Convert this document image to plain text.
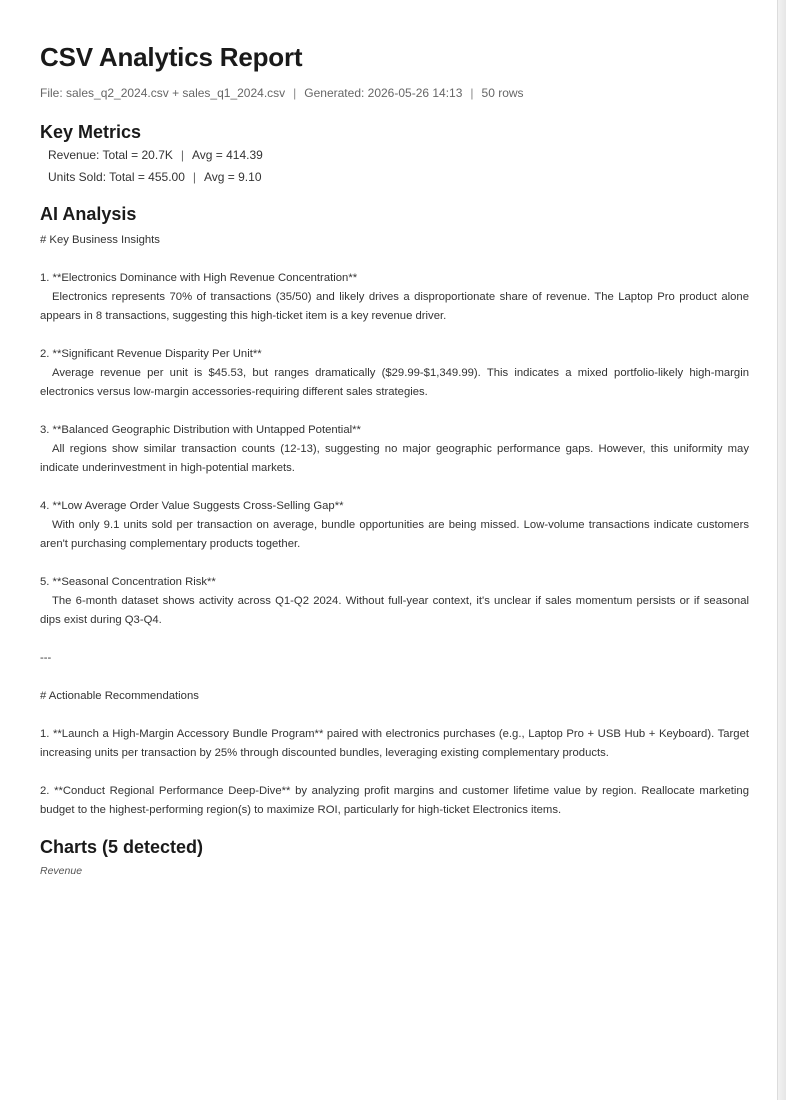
CSV Analytics Report
File: sales_q2_2024.csv + sales_q1_2024.csv | Generated: 2026-05-26 14:13 | 50 rows
Key Metrics
Revenue: Total = 20.7K | Avg = 414.39
Units Sold: Total = 455.00 | Avg = 9.10
AI Analysis
# Key Business Insights
1. **Electronics Dominance with High Revenue Concentration**
Electronics represents 70% of transactions (35/50) and likely drives a disproportionate share of revenue. The Laptop Pro product alone appears in 8 transactions, suggesting this high-ticket item is a key revenue driver.
2. **Significant Revenue Disparity Per Unit**
Average revenue per unit is $45.53, but ranges dramatically ($29.99-$1,349.99). This indicates a mixed portfolio-likely high-margin electronics versus low-margin accessories-requiring different sales strategies.
3. **Balanced Geographic Distribution with Untapped Potential**
All regions show similar transaction counts (12-13), suggesting no major geographic performance gaps. However, this uniformity may indicate underinvestment in high-potential markets.
4. **Low Average Order Value Suggests Cross-Selling Gap**
With only 9.1 units sold per transaction on average, bundle opportunities are being missed. Low-volume transactions indicate customers aren't purchasing complementary products together.
5. **Seasonal Concentration Risk**
The 6-month dataset shows activity across Q1-Q2 2024. Without full-year context, it's unclear if sales momentum persists or if seasonal dips exist during Q3-Q4.
---
# Actionable Recommendations
1. **Launch a High-Margin Accessory Bundle Program** paired with electronics purchases (e.g., Laptop Pro + USB Hub + Keyboard). Target increasing units per transaction by 25% through discounted bundles, leveraging existing complementary products.
2. **Conduct Regional Performance Deep-Dive** by analyzing profit margins and customer lifetime value by region. Reallocate marketing budget to the highest-performing region(s) to maximize ROI, particularly for high-ticket Electronics items.
Charts (5 detected)
Revenue
